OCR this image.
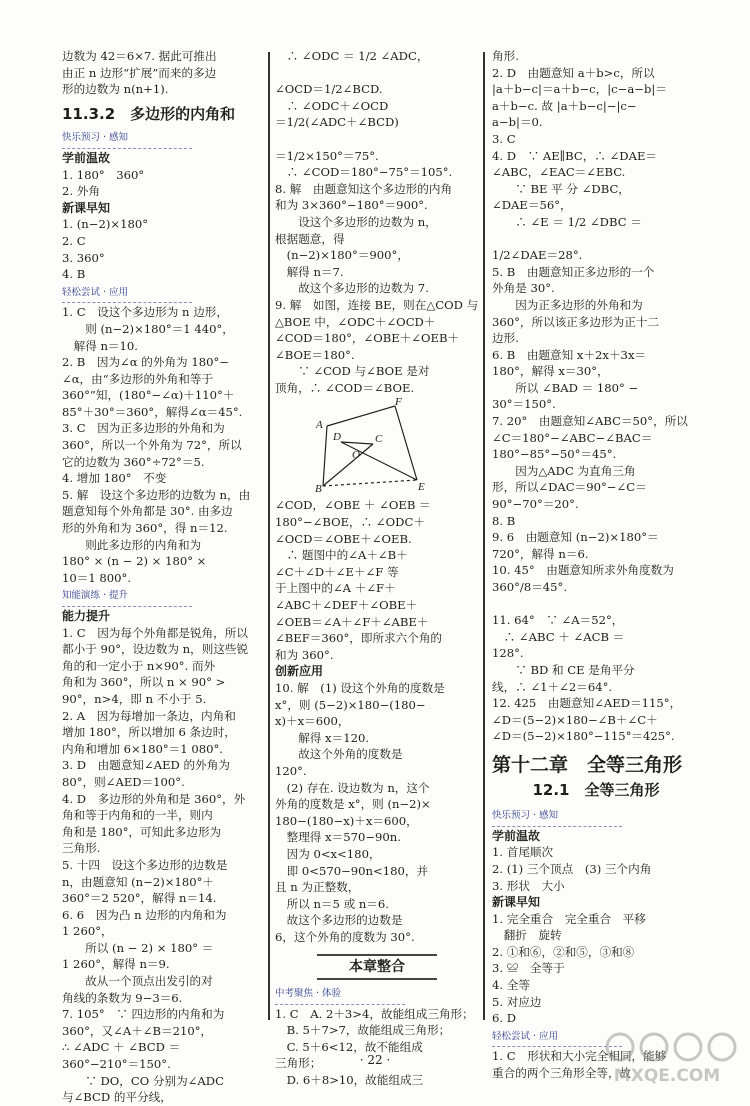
边数为 42＝6×7. 据此可推出
由正 n 边形“扩展”而来的多边
形的边数为 n(n+1).
11.3.2　多边形的内角和
快乐预习 · 感知
学前温故
1. 180°　360°
2. 外角
新课早知
1. (n−2)×180°
2. C
3. 360°
4. B
轻松尝试 · 应用
1. C　设这个多边形为 n 边形，
　　则 (n−2)×180°＝1 440°，
　解得 n＝10.
2. B　因为∠α 的外角为 180°−
∠α，由“多边形的外角和等于
360°”知，(180°−∠α)＋110°＋
85°＋30°＝360°，解得∠α＝45°.
3. C　因为正多边形的外角和为
360°，所以一个外角为 72°，所以
它的边数为 360°÷72°＝5.
4. 增加 180°　不变
5. 解　设这个多边形的边数为 n，由
题意知每个外角都是 30°. 由多边
形的外角和为 360°，得 n＝12.
　　则此多边形的内角和为
180° × (n − 2) × 180° ×
10＝1 800°.
知能演练 · 提升
能力提升
1. C　因为每个外角都是锐角，所以
都小于 90°，设边数为 n，则这些锐
角的和一定小于 n×90°. 而外
角和为 360°，所以 n × 90° >
90°，n>4，即 n 不小于 5.
2. A　因为每增加一条边，内角和
增加 180°，所以增加 6 条边时，
内角和增加 6×180°＝1 080°.
3. D　由题意知∠AED 的外角为
80°，则∠AED＝100°.
4. D　多边形的外角和是 360°，外
角和等于内角和的一半，则内
角和是 180°，可知此多边形为
三角形.
5. 十四　设这个多边形的边数是
n，由题意知 (n−2)×180°＋
360°＝2 520°，解得 n＝14.
6. 6　因为凸 n 边形的内角和为
1 260°，
　　所以 (n − 2) × 180° ＝
1 260°，解得 n＝9.
　　故从一个顶点出发引的对
角线的条数为 9−3＝6.
7. 105°　∵ 四边形的内角和为
360°，又∠A＋∠B＝210°，
∴ ∠ADC ＋ ∠BCD ＝
360°−210°＝150°.
　　∵ DO，CO 分别为∠ADC
与∠BCD 的平分线，
　∴ ∠ODC ＝ 1/2 ∠ADC，

∠OCD＝1/2∠BCD.
　∴ ∠ODC＋∠OCD
＝1/2(∠ADC＋∠BCD)

＝1/2×150°＝75°.
　∴ ∠COD＝180°−75°＝105°.
8. 解　由题意知这个多边形的内角
和为 3×360°−180°＝900°.
　　设这个多边形的边数为 n，
根据题意，得
　(n−2)×180°＝900°，
　解得 n＝7.
　　故这个多边形的边数为 7.
9. 解　如图，连接 BE，则在△COD 与
△BOE 中，∠ODC＋∠OCD＋
∠COD＝180°，∠OBE＋∠OEB＋
∠BOE＝180°.
　　∵ ∠COD 与∠BOE 是对
顶角，∴ ∠COD＝∠BOE.
A
B
C
D
E
F
O
∠COD，∠OBE ＋ ∠OEB ＝
180°−∠BOE，∴ ∠ODC＋
∠OCD＝∠OBE＋∠OEB.
　∴ 题图中的∠A＋∠B＋
∠C＋∠D＋∠E＋∠F 等
于上图中的∠A ＋∠F＋
∠ABC＋∠DEF＋∠OBE＋
∠OEB＝∠A＋∠F＋∠ABE＋
∠BEF＝360°，即所求六个角的
和为 360°.
创新应用
10. 解　(1) 设这个外角的度数是
x°，则 (5−2)×180−(180−
x)＋x＝600，
　　解得 x＝120.
　　故这个外角的度数是
120°.
　(2) 存在. 设边数为 n，这个
外角的度数是 x°，则 (n−2)×
180−(180−x)＋x＝600，
　整理得 x＝570−90n.
　因为 0<x<180，
　即 0<570−90n<180，并
且 n 为正整数，
　所以 n＝5 或 n＝6.
　故这个多边形的边数是
6，这个外角的度数为 30°.
本章整合
中考聚焦 · 体验
1. C　A. 2＋3>4，故能组成三角形；
　B. 5＋7>7，故能组成三角形；
　C. 5＋6<12，故不能组成
三角形；
　D. 6＋8>10，故能组成三
角形.
2. D　由题意知 a＋b>c，所以
|a＋b−c|＝a＋b−c，|c−a−b|＝
a＋b−c. 故 |a＋b−c|−|c−
a−b|＝0.
3. C
4. D　∵ AE∥BC，∴ ∠DAE＝
∠ABC，∠EAC＝∠EBC.
　　∵ BE 平 分 ∠DBC，
∠DAE＝56°，
　　∴ ∠E ＝ 1/2 ∠DBC ＝

1/2∠DAE＝28°.
5. B　由题意知正多边形的一个
外角是 30°.
　　因为正多边形的外角和为
360°，所以该正多边形为正十二
边形.
6. B　由题意知 x＋2x＋3x＝
180°，解得 x＝30°，
　　所以 ∠BAD ＝ 180° −
30°＝150°.
7. 20°　由题意知∠ABC＝50°，所以
∠C＝180°−∠ABC−∠BAC＝
180°−85°−50°＝45°.
　　因为△ADC 为直角三角
形，所以∠DAC＝90°−∠C＝
90°−70°＝20°.
8. B
9. 6　由题意知 (n−2)×180°＝
720°，解得 n＝6.
10. 45°　由题意知所求外角度数为
360°/8＝45°.

11. 64°　∵ ∠A＝52°，
　∴ ∠ABC ＋ ∠ACB ＝
128°.
　　∵ BD 和 CE 是角平分
线，∴ ∠1＋∠2＝64°.
12. 425　由题意知∠AED＝115°，
∠D＝(5−2)×180−∠B＋∠C＋
∠D＝(5−2)×180°−115°＝425°.
第十二章　全等三角形
12.1　全等三角形
快乐预习 · 感知
学前温故
1. 首尾顺次
2. (1) 三个顶点　(3) 三个内角
3. 形状　大小
新课早知
1. 完全重合　完全重合　平移
　翻折　旋转
2. ①和⑥，②和⑤，③和⑧
3. ≌　全等于
4. 全等
5. 对应边
6. D
轻松尝试 · 应用
1. C　形状和大小完全相同，能够
重合的两个三角形全等，故
· 22 ·
MXQE.COM
